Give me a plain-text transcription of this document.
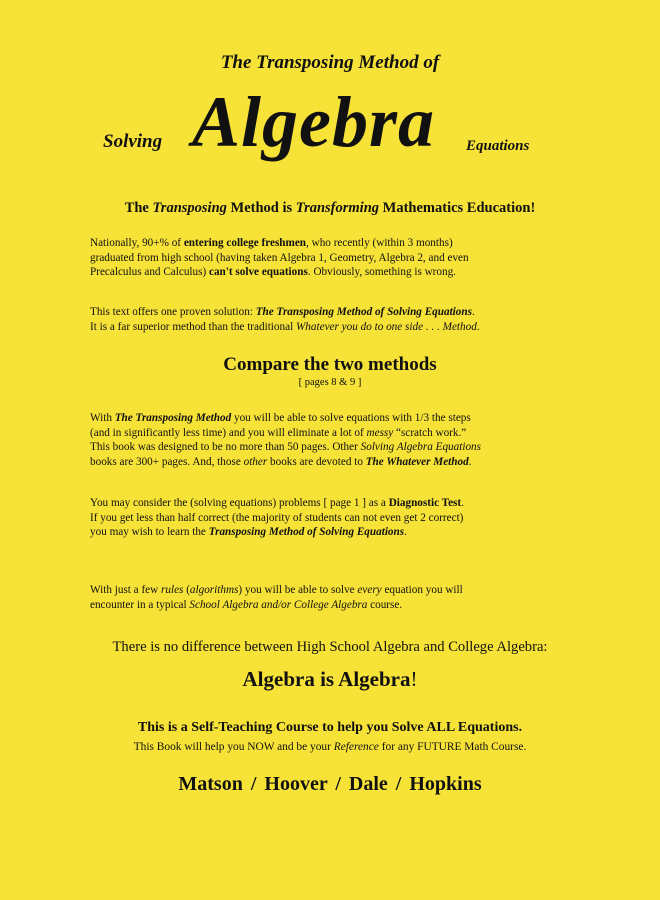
The Transposing Method of
Solving Algebra Equations
The Transposing Method is Transforming Mathematics Education!

Nationally, 90+% of entering college freshmen, who recently (within 3 months)

graduated from high school (having taken Algebra 1, Geometry, Algebra 2, and even

Precalculus and Calculus) can't solve equations. Obviously, something is wrong.

This text offers one proven solution: The Transposing Method of Solving Equations.

It is a far superior method than the traditional Whatever you do to one side . . . Method.

Compare the two methods
[ pages 8 & 9 ]

With The Transposing Method you will be able to solve equations with 1/3 the steps

(and in significantly less time) and you will eliminate a lot of messy “scratch work.”

This book was designed to be no more than 50 pages. Other Solving Algebra Equations

books are 300+ pages. And, those other books are devoted to The Whatever Method.

You may consider the (solving equations) problems [ page 1 ] as a Diagnostic Test.

If you get less than half correct (the majority of students can not even get 2 correct)

you may wish to learn the Transposing Method of Solving Equations.

With just a few rules (algorithms) you will be able to solve every equation you will

encounter in a typical School Algebra and/or College Algebra course.

There is no difference between High School Algebra and College Algebra:
Algebra is Algebra!
This is a Self-Teaching Course to help you Solve ALL Equations.
This Book will help you NOW and be your Reference for any FUTURE Math Course.
Matson / Hoover / Dale / Hopkins
